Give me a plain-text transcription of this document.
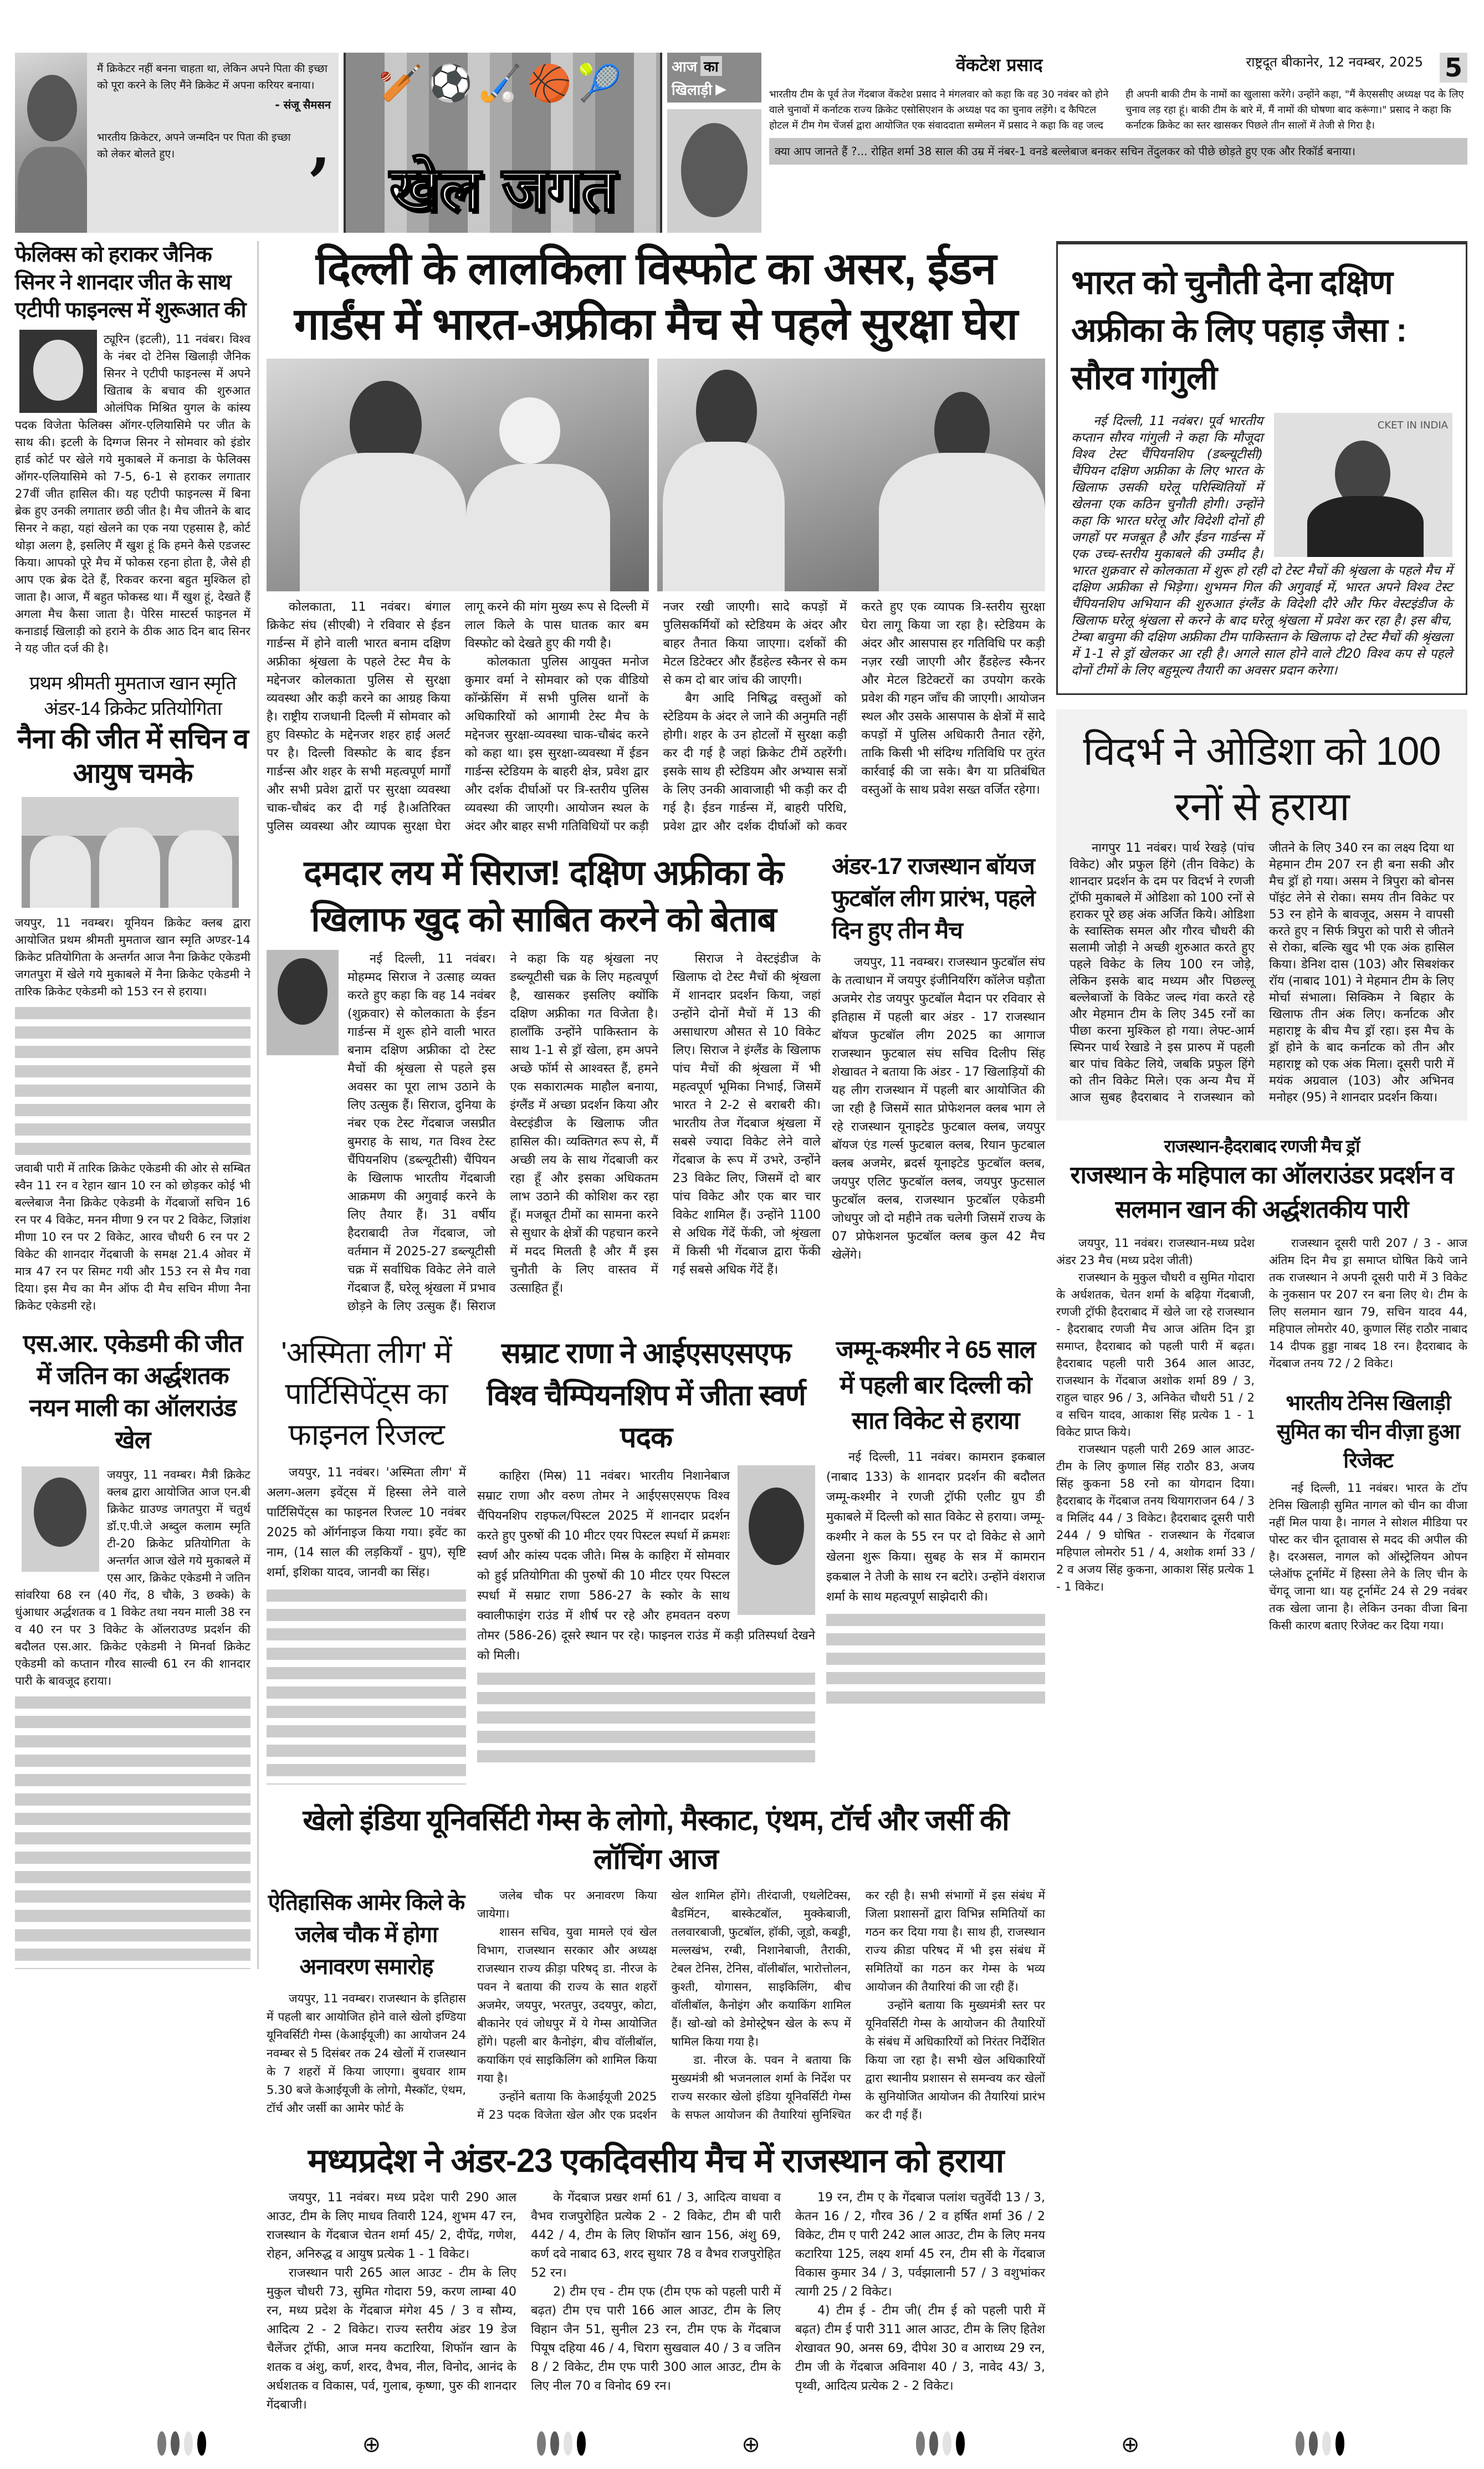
मैं क्रिकेटर नहीं बनना चाहता था, लेकिन अपने पिता की इच्छा को पूरा करने के लिए मैंने क्रिकेट में अपना करियर बनाया।
- संजू सैमसन
भारतीय क्रिकेटर, अपने जन्मदिन पर पिता की इच्छा को लेकर बोलते हुए।	,
🏏⚽🏑🏀🎾
खेल जगत
आज का
खिलाड़ी ▶
वेंकटेश प्रसाद	राष्ट्रदूत बीकानेर, 12 नवम्बर, 2025 5
भारतीय टीम के पूर्व तेज गेंदबाज वेंकटेश प्रसाद ने मंगलवार को कहा कि वह 30 नवंबर को होने वाले चुनावों में कर्नाटक राज्य क्रिकेट एसोसिएशन के अध्यक्ष पद का चुनाव लड़ेंगे। द कैपिटल होटल में टीम गेम चेंजर्स द्वारा आयोजित एक संवाददाता सम्मेलन में प्रसाद ने कहा कि वह जल्द ही अपनी बाकी टीम के नामों का खुलासा करेंगे। उन्होंने कहा, "मैं केएससीए अध्यक्ष पद के लिए चुनाव लड़ रहा हूं। बाकी टीम के बारे में, मैं नामों की घोषणा बाद करूंगा।" प्रसाद ने कहा कि कर्नाटक क्रिकेट का स्तर खासकर पिछले तीन सालों में तेजी से गिरा है।
क्या आप जानते हैं ?... रोहित शर्मा 38 साल की उम्र में नंबर-1 वनडे बल्लेबाज बनकर सचिन तेंदुलकर को पीछे छोड़ते हुए एक और रिकॉर्ड बनाया।
फेलिक्स को हराकर जैनिक सिनर ने शानदार जीत के साथ एटीपी फाइनल्स में शुरूआत की

ट्यूरिन (इटली), 11 नवंबर। विश्व के नंबर दो टेनिस खिलाड़ी जैनिक सिनर ने एटीपी फाइनल्स में अपने खिताब के बचाव की शुरुआत ओलंपिक मिश्रित युगल के कांस्य पदक विजेता फेलिक्स ऑगर-एलियासिमे पर जीत के साथ की। इटली के दिग्गज सिनर ने सोमवार को इंडोर हार्ड कोर्ट पर खेले गये मुकाबले में कनाडा के फेलिक्स ऑगर-एलियासिमे को 7-5, 6-1 से हराकर लगातार 27वीं जीत हासिल की। यह एटीपी फाइनल्स में बिना ब्रेक हुए उनकी लगातार छठी जीत है। मैच जीतने के बाद सिनर ने कहा, यहां खेलने का एक नया एहसास है, कोर्ट थोड़ा अलग है, इसलिए मैं खुश हूं कि हमने कैसे एडजस्ट किया। आपको पूरे मैच में फोकस रहना होता है, जैसे ही आप एक ब्रेक देते हैं, रिकवर करना बहुत मुश्किल हो जाता है। आज, मैं बहुत फोकस्ड था। मैं खुश हूं, देखते हैं अगला मैच कैसा जाता है। पेरिस मास्टर्स फाइनल में कनाडाई खिलाड़ी को हराने के ठीक आठ दिन बाद सिनर ने यह जीत दर्ज की है।

प्रथम श्रीमती मुमताज खान स्मृति अंडर-14 क्रिकेट प्रतियोगिता
नैना की जीत में सचिन व आयुष चमके

जयपुर, 11 नवम्बर। यूनियन क्रिकेट क्लब द्वारा आयोजित प्रथम श्रीमती मुमताज खान स्मृति अण्डर-14 क्रिकेट प्रतियोगिता के अन्तर्गत आज नैना क्रिकेट एकेडमी जगतपुरा में खेले गये मुकाबले में नैना क्रिकेट एकेडमी ने तारिक क्रिकेट एकेडमी को 153 रन से हराया।

जवाबी पारी में तारिक क्रिकेट एकेडमी की ओर से सम्बित स्वैन 11 रन व रेहान खान 10 रन को छोड़कर कोई भी बल्लेबाज नैना क्रिकेट एकेडमी के गेंदबाजों सचिन 16 रन पर 4 विकेट, मनन मीणा 9 रन पर 2 विकेट, जिज्ञांश मीणा 10 रन पर 2 विकेट, आरव चौधरी 6 रन पर 2 विकेट की शानदार गेंदबाजी के समक्ष 21.4 ओवर में मात्र 47 रन पर सिमट गयी और 153 रन से मैच गवा दिया। इस मैच का मैन ऑफ दी मैच सचिन मीणा नैना क्रिकेट एकेडमी रहे।

एस.आर. एकेडमी की जीत में जतिन का अर्द्धशतक नयन माली का ऑलराउंड खेल

जयपुर, 11 नवम्बर। मैत्री क्रिकेट क्लब द्वारा आयोजित आज एन.बी क्रिकेट ग्राउण्ड जगतपुरा में चतुर्थ डॉ.ए.पी.जे अब्दुल कलाम स्मृति टी-20 क्रिकेट प्रतियोगिता के अन्तर्गत आज खेले गये मुकाबले में एस आर, क्रिकेट एकेडमी ने जतिन सांवरिया 68 रन (40 गेंद, 8 चौके, 3 छक्के) के धुंआधार अर्द्धशतक व 1 विकेट तथा नयन माली 38 रन व 40 रन पर 3 विकेट के ऑलराउण्ड प्रदर्शन की बदौलत एस.आर. क्रिकेट एकेडमी ने मिनर्वा क्रिकेट एकेडमी को कप्तान गौरव साल्वी 61 रन की शानदार पारी के बावजूद हराया।

दिल्ली के लालकिला विस्फोट का असर, ईडन गार्डंस में भारत-अफ्रीका मैच से पहले सुरक्षा घेरा

कोलकाता, 11 नवंबर। बंगाल क्रिकेट संघ (सीएबी) ने रविवार से ईडन गार्डन्स में होने वाली भारत बनाम दक्षिण अफ्रीका श्रृंखला के पहले टेस्ट मैच के मद्देनजर कोलकाता पुलिस से सुरक्षा व्यवस्था और कड़ी करने का आग्रह किया है। राष्ट्रीय राजधानी दिल्ली में सोमवार को हुए विस्फोट के मद्देनजर शहर हाई अलर्ट पर है। दिल्ली विस्फोट के बाद ईडन गार्डन्स और शहर के सभी महत्वपूर्ण मार्गों और सभी प्रवेश द्वारों पर सुरक्षा व्यवस्था चाक-चौबंद कर दी गई है।अतिरिक्त पुलिस व्यवस्था और व्यापक सुरक्षा घेरा लागू करने की मांग मुख्य रूप से दिल्ली में लाल किले के पास घातक कार बम विस्फोट को देखते हुए की गयी है।

कोलकाता पुलिस आयुक्त मनोज कुमार वर्मा ने सोमवार को एक वीडियो कॉन्फ्रेंसिंग में सभी पुलिस थानों के अधिकारियों को आगामी टेस्ट मैच के मद्देनजर सुरक्षा-व्यवस्था चाक-चौबंद करने को कहा था। इस सुरक्षा-व्यवस्था में ईडन गार्डन्स स्टेडियम के बाहरी क्षेत्र, प्रवेश द्वार और दर्शक दीर्घाओं पर त्रि-स्तरीय पुलिस व्यवस्था की जाएगी। आयोजन स्थल के अंदर और बाहर सभी गतिविधियों पर कड़ी नजर रखी जाएगी। सादे कपड़ों में पुलिसकर्मियों को स्टेडियम के अंदर और बाहर तैनात किया जाएगा। दर्शकों की मेटल डिटेक्टर और हैंडहेल्ड स्कैनर से कम से कम दो बार जांच की जाएगी।

बैग आदि निषिद्ध वस्तुओं को स्टेडियम के अंदर ले जाने की अनुमति नहीं होगी। शहर के उन होटलों में सुरक्षा कड़ी कर दी गई है जहां क्रिकेट टीमें ठहरेंगी। इसके साथ ही स्टेडियम और अभ्यास सत्रों के लिए उनकी आवाजाही भी कड़ी कर दी गई है। ईडन गार्डन्स में, बाहरी परिधि, प्रवेश द्वार और दर्शक दीर्घाओं को कवर करते हुए एक व्यापक त्रि-स्तरीय सुरक्षा घेरा लागू किया जा रहा है। स्टेडियम के अंदर और आसपास हर गतिविधि पर कड़ी नज़र रखी जाएगी और हैंडहेल्ड स्कैनर और मेटल डिटेक्टरों का उपयोग करके प्रवेश की गहन जाँच की जाएगी। आयोजन स्थल और उसके आसपास के क्षेत्रों में सादे कपड़ों में पुलिस अधिकारी तैनात रहेंगे, ताकि किसी भी संदिग्ध गतिविधि पर तुरंत कार्रवाई की जा सके। बैग या प्रतिबंधित वस्तुओं के साथ प्रवेश सख्त वर्जित रहेगा।

दमदार लय में सिराज! दक्षिण अफ्रीका के खिलाफ खुद को साबित करने को बेताब

नई दिल्ली, 11 नवंबर। मोहम्मद सिराज ने उत्साह व्यक्त करते हुए कहा कि वह 14 नवंबर (शुक्रवार) से कोलकाता के ईडन गार्डन्स में शुरू होने वाली भारत बनाम दक्षिण अफ्रीका दो टेस्ट मैचों की श्रृंखला से पहले इस अवसर का पूरा लाभ उठाने के लिए उत्सुक हैं। सिराज, दुनिया के नंबर एक टेस्ट गेंदबाज जसप्रीत बुमराह के साथ, गत विश्व टेस्ट चैंपियनशिप (डब्ल्यूटीसी) चैंपियन के खिलाफ भारतीय गेंदबाजी आक्रमण की अगुवाई करने के लिए तैयार हैं। 31 वर्षीय हैदराबादी तेज गेंदबाज, जो वर्तमान में 2025-27 डब्ल्यूटीसी चक्र में सर्वाधिक विकेट लेने वाले गेंदबाज हैं, घरेलू श्रृंखला में प्रभाव छोड़ने के लिए उत्सुक हैं। सिराज ने कहा कि यह श्रृंखला नए डब्ल्यूटीसी चक्र के लिए महत्वपूर्ण है, खासकर इसलिए क्योंकि दक्षिण अफ्रीका गत विजेता है। हालाँकि उन्होंने पाकिस्तान के साथ 1-1 से ड्रॉ खेला, हम अपने अच्छे फॉर्म से आश्वस्त हैं, हमने एक सकारात्मक माहौल बनाया, इंग्लैंड में अच्छा प्रदर्शन किया और वेस्टइंडीज के खिलाफ जीत हासिल की। व्यक्तिगत रूप से, मैं अच्छी लय के साथ गेंदबाजी कर रहा हूँ और इसका अधिकतम लाभ उठाने की कोशिश कर रहा हूँ। मजबूत टीमों का सामना करने से सुधार के क्षेत्रों की पहचान करने में मदद मिलती है और मैं इस चुनौती के लिए वास्तव में उत्साहित हूँ।

सिराज ने वेस्टइंडीज के खिलाफ दो टेस्ट मैचों की श्रृंखला में शानदार प्रदर्शन किया, जहां उन्होंने दोनों मैचों में 13 की असाधारण औसत से 10 विकेट लिए। सिराज ने इंग्लैंड के खिलाफ पांच मैचों की श्रृंखला में भी महत्वपूर्ण भूमिका निभाई, जिसमें भारत ने 2-2 से बराबरी की। भारतीय तेज गेंदबाज श्रृंखला में सबसे ज्यादा विकेट लेने वाले गेंदबाज के रूप में उभरे, उन्होंने 23 विकेट लिए, जिसमें दो बार पांच विकेट और एक बार चार विकेट शामिल हैं। उन्होंने 1100 से अधिक गेंदें फेंकी, जो श्रृंखला में किसी भी गेंदबाज द्वारा फेंकी गई सबसे अधिक गेंदें हैं।

अंडर-17 राजस्थान बॉयज फुटबॉल लीग प्रारंभ, पहले दिन हुए तीन मैच

जयपुर, 11 नवम्बर। राजस्थान फुटबॉल संघ के तत्वाधान में जयपुर इंजीनियरिंग कॉलेज घड़ौता अजमेर रोड जयपुर फुटबॉल मैदान पर रविवार से इतिहास में पहली बार अंडर - 17 राजस्थान बॉयज फुटबॉल लीग 2025 का आगाज राजस्थान फुटबाल संघ सचिव दिलीप सिंह शेखावत ने बताया कि अंडर - 17 खिलाड़ियों की यह लीग राजस्थान में पहली बार आयोजित की जा रही है जिसमें सात प्रोफेशनल क्लब भाग ले रहे राजस्थान यूनाइटेड फुटबाल क्लब, जयपुर बॉयज एंड गर्ल्स फुटबाल क्लब, रियान फुटबाल क्लब अजमेर, ब्रदर्स यूनाइटेड फुटबॉल क्लब, जयपुर एलिट फुटबॉल क्लब, जयपुर फुटसाल फुटबॉल क्लब, राजस्थान फुटबॉल एकेडमी जोधपुर जो दो महीने तक चलेगी जिसमें राज्य के 07 प्रोफेशनल फुटबॉल क्लब कुल 42 मैच खेलेंगे।

'अस्मिता लीग' में पार्टिसिपेंट्स का फाइनल रिजल्ट

जयपुर, 11 नवंबर। 'अस्मिता लीग' में अलग-अलग इवेंट्स में हिस्सा लेने वाले पार्टिसिपेंट्स का फाइनल रिजल्ट 10 नवंबर 2025 को ऑर्गनाइज किया गया। इवेंट का नाम, (14 साल की लड़कियाँ - ग्रुप), सृष्टि शर्मा, इशिका यादव, जानवी का सिंह।

सम्राट राणा ने आईएसएसएफ विश्व चैम्पियनशिप में जीता स्वर्ण पदक

काहिरा (मिस्र) 11 नवंबर। भारतीय निशानेबाज सम्राट राणा और वरुण तोमर ने आईएसएसएफ विश्व चैंपियनशिप राइफल/पिस्टल 2025 में शानदार प्रदर्शन करते हुए पुरुषों की 10 मीटर एयर पिस्टल स्पर्धा में क्रमशः स्वर्ण और कांस्य पदक जीते। मिस्र के काहिरा में सोमवार को हुई प्रतियोगिता की पुरुषों की 10 मीटर एयर पिस्टल स्पर्धा में सम्राट राणा 586-27 के स्कोर के साथ क्वालीफाइंग राउंड में शीर्ष पर रहे और हमवतन वरुण तोमर (586-26) दूसरे स्थान पर रहे। फाइनल राउंड में कड़ी प्रतिस्पर्धा देखने को मिली।

जम्मू-कश्मीर ने 65 साल में पहली बार दिल्ली को सात विकेट से हराया

नई दिल्ली, 11 नवंबर। कामरान इकबाल (नाबाद 133) के शानदार प्रदर्शन की बदौलत जम्मू-कश्मीर ने रणजी ट्रॉफी एलीट ग्रुप डी मुकाबले में दिल्ली को सात विकेट से हराया। जम्मू-कश्मीर ने कल के 55 रन पर दो विकेट से आगे खेलना शुरू किया। सुबह के सत्र में कामरान इकबाल ने तेजी के साथ रन बटोरे। उन्होंने वंशराज शर्मा के साथ महत्वपूर्ण साझेदारी की।

खेलो इंडिया यूनिवर्सिटी गेम्स के लोगो, मैस्काट, एंथम, टॉर्च और जर्सी की लॉचिंग आज
ऐतिहासिक आमेर किले के जलेब चौक में होगा अनावरण समारोह

जयपुर, 11 नवम्बर। राजस्थान के इतिहास में पहली बार आयोजित होने वाले खेलो इण्डिया यूनिवर्सिटी गेम्स (केआईयूजी) का आयोजन 24 नवम्बर से 5 दिसंबर तक 24 खेलों में राजस्थान के 7 शहरों में किया जाएगा। बुधवार शाम 5.30 बजे केआईयूजी के लोगो, मैस्कॉट, एंथम, टॉर्च और जर्सी का आमेर फोर्ट के

जलेब चौक पर अनावरण किया जायेगा।

शासन सचिव, युवा मामले एवं खेल विभाग, राजस्थान सरकार और अध्यक्ष राजस्थान राज्य क्रीड़ा परिषद् डा. नीरज के पवन ने बताया की राज्य के सात शहरों अजमेर, जयपुर, भरतपुर, उदयपुर, कोटा, बीकानेर एवं जोधपुर में ये गेम्स आयोजित होंगे। पहली बार कैनोइंग, बीच वॉलीबॉल, कयाकिंग एवं साइकिलिंग को शामिल किया गया है।

उन्होंने बताया कि केआईयूजी 2025 में 23 पदक विजेता खेल और एक प्रदर्शन खेल शामिल होंगे। तीरंदाजी, एथलेटिक्स, बैडमिंटन, बास्केटबॉल, मुक्केबाजी, तलवारबाजी, फुटबॉल, हॉकी, जूडो, कबड्डी, मल्लखंभ, रग्बी, निशानेबाजी, तैराकी, टेबल टेनिस, टेनिस, वॉलीबॉल, भारोत्तोलन, कुश्ती, योगासन, साइकिलिंग, बीच वॉलीबॉल, कैनोइंग और कयाकिंग शामिल हैं। खो-खो को डेमोस्ट्रेषन खेल के रूप में षामिल किया गया है।

डा. नीरज के. पवन ने बताया कि मुख्यमंत्री श्री भजनलाल शर्मा के निर्देश पर राज्य सरकार खेलो इंडिया यूनिवर्सिटी गेम्स के सफल आयोजन की तैयारियां सुनिश्चित कर रही है। सभी संभागों में इस संबंध में जिला प्रशासनों द्वारा विभिन्न समितियों का गठन कर दिया गया है। साथ ही, राजस्थान राज्य क्रीडा परिषद में भी इस संबंध में समितियों का गठन कर गेम्स के भव्य आयोजन की तैयारियां की जा रही हैं।

उन्होंने बताया कि मुख्यमंत्री स्तर पर यूनिवर्सिटी गेम्स के आयोजन की तैयारियों के संबंध में अधिकारियों को निरंतर निर्देशित किया जा रहा है। सभी खेल अधिकारियों द्वारा स्थानीय प्रशासन से समन्वय कर खेलों के सुनियोजित आयोजन की तैयारियां प्रारंभ कर दी गई हैं।

मध्यप्रदेश ने अंडर-23 एकदिवसीय मैच में राजस्थान को हराया

जयपुर, 11 नवंबर। मध्य प्रदेश पारी 290 आल आउट, टीम के लिए माधव तिवारी 124, शुभम 47 रन, राजस्थान के गेंदबाज चेतन शर्मा 45/ 2, दीपेंद्र, गणेश, रोहन, अनिरुद्ध व आयुष प्रत्येक 1 - 1 विकेट।

राजस्थान पारी 265 आल आउट - टीम के लिए मुकुल चौधरी 73, सुमित गोदारा 59, करण लाम्बा 40 रन, मध्य प्रदेश के गेंदबाज मंगेश 45 / 3 व सौम्य, आदित्य 2 - 2 विकेट। राज्य स्तरीय अंडर 19 डेज चैलेंजर ट्रॉफी, आज मनय कटारिया, शिफॉन खान के शतक व अंशु, कर्ण, शरद, वैभव, नील, विनोद, आनंद के अर्धशतक व विकास, पर्व, गुलाब, कृष्णा, पुरु की शानदार गेंदबाजी।

के गेंदबाज प्रखर शर्मा 61 / 3, आदित्य वाधवा व वैभव राजपुरोहित प्रत्येक 2 - 2 विकेट, टीम बी पारी 442 / 4, टीम के लिए शिफॉन खान 156, अंशु 69, कर्ण दवे नाबाद 63, शरद सुथार 78 व वैभव राजपुरोहित 52 रन।

2) टीम एच - टीम एफ (टीम एफ को पहली पारी में बढ़त) टीम एच पारी 166 आल आउट, टीम के लिए विहान जैन 51, सुनील 23 रन, टीम एफ के गेंदबाज पियूष दहिया 46 / 4, चिराग सुखवाल 40 / 3 व जतिन 8 / 2 विकेट, टीम एफ पारी 300 आल आउट, टीम के लिए नील 70 व विनोद 69 रन।

19 रन, टीम ए के गेंदबाज पलांश चतुर्वेदी 13 / 3, केतन 16 / 2, गौरव 36 / 2 व हर्षित शर्मा 36 / 2 विकेट, टीम ए पारी 242 आल आउट, टीम के लिए मनय कटारिया 125, लक्ष्य शर्मा 45 रन, टीम सी के गेंदबाज विकास कुमार 34 / 3, पर्वझालानी 57 / 3 वशुभांकर त्यागी 25 / 2 विकेट।

4) टीम ई - टीम जी( टीम ई को पहली पारी में बढ़त) टीम ई पारी 311 आल आउट, टीम के लिए हितेश शेखावत 90, अनस 69, दीपेश 30 व आराध्य 29 रन, टीम जी के गेंदबाज अविनाश 40 / 3, नावेद 43/ 3, पृथ्वी, आदित्य प्रत्येक 2 - 2 विकेट।

भारत को चुनौती देना दक्षिण अफ्रीका के लिए पहाड़ जैसा : सौरव गांगुली
CKET IN INDIA

नई दिल्ली, 11 नवंबर। पूर्व भारतीय कप्तान सौरव गांगुली ने कहा कि मौजूदा विश्व टेस्ट चैंपियनशिप (डब्ल्यूटीसी) चैंपियन दक्षिण अफ्रीका के लिए भारत के खिलाफ उसकी घरेलू परिस्थितियों में खेलना एक कठिन चुनौती होगी। उन्होंने कहा कि भारत घरेलू और विदेशी दोनों ही जगहों पर मजबूत है और ईडन गार्डन्स में एक उच्च-स्तरीय मुकाबले की उम्मीद है। भारत शुक्रवार से कोलकाता में शुरू हो रही दो टेस्ट मैचों की श्रृंखला के पहले मैच में दक्षिण अफ्रीका से भिड़ेगा। शुभमन गिल की अगुवाई में, भारत अपने विश्व टेस्ट चैंपियनशिप अभियान की शुरुआत इंग्लैंड के विदेशी दौरे और फिर वेस्टइंडीज के खिलाफ घरेलू श्रृंखला से करने के बाद घरेलू श्रृंखला में प्रवेश कर रहा है। इस बीच, टेम्बा बावुमा की दक्षिण अफ्रीका टीम पाकिस्तान के खिलाफ दो टेस्ट मैचों की श्रृंखला में 1-1 से ड्रॉ खेलकर आ रही है। अगले साल होने वाले टी20 विश्व कप से पहले दोनों टीमों के लिए बहुमूल्य तैयारी का अवसर प्रदान करेगा।

विदर्भ ने ओडिशा को 100 रनों से हराया

नागपुर 11 नवंबर। पार्थ रेखड़े (पांच विकेट) और प्रफुल हिंगे (तीन विकेट) के शानदार प्रदर्शन के दम पर विदर्भ ने रणजी ट्रॉफी मुकाबले में ओडिशा को 100 रनों से हराकर पूरे छह अंक अर्जित किये। ओडिशा के स्वास्तिक समल और गौरव चौधरी की सलामी जोड़ी ने अच्छी शुरुआत करते हुए पहले विकेट के लिय 100 रन जोड़े, लेकिन इसके बाद मध्यम और पिछल्लू बल्लेबाजों के विकेट जल्द गंवा करते रहे और मेहमान टीम के लिए 345 रनों का पीछा करना मुश्किल हो गया। लेफ्ट-आर्म स्पिनर पार्थ रेखाडे ने इस प्रारुप में पहली बार पांच विकेट लिये, जबकि प्रफुल हिंगे को तीन विकेट मिले। एक अन्य मैच में आज सुबह हैदराबाद ने राजस्थान को जीतने के लिए 340 रन का लक्ष्य दिया था मेहमान टीम 207 रन ही बना सकी और मैच ड्रॉ हो गया। असम ने त्रिपुरा को बोनस पॉइंट लेने से रोका। समय तीन विकेट पर 53 रन होने के बावजूद, असम ने वापसी करते हुए न सिर्फ त्रिपुरा को पारी से जीतने से रोका, बल्कि खुद भी एक अंक हासिल किया। डेनिश दास (103) और सिबशंकर रॉय (नाबाद 101) ने मेहमान टीम के लिए मोर्चा संभाला। सिक्किम ने बिहार के खिलाफ तीन अंक लिए। कर्नाटक और महाराष्ट्र के बीच मैच ड्रॉ रहा। इस मैच के ड्रॉ होने के बाद कर्नाटक को तीन और महाराष्ट्र को एक अंक मिला। दूसरी पारी में मयंक अग्रवाल (103) और अभिनव मनोहर (95) ने शानदार प्रदर्शन किया।

राजस्थान-हैदराबाद रणजी मैच ड्रॉ
राजस्थान के महिपाल का ऑलराउंडर प्रदर्शन व सलमान खान की अर्द्धशतकीय पारी

जयपुर, 11 नवंबर। राजस्थान-मध्य प्रदेश अंडर 23 मैच (मध्य प्रदेश जीती)

राजस्थान के मुकुल चौधरी व सुमित गोदारा के अर्धशतक, चेतन शर्मा के बढ़िया गेंदबाजी, रणजी ट्रॉफी हैदराबाद में खेले जा रहे राजस्थान - हैदराबाद रणजी मैच आज अंतिम दिन ड्रा समाप्त, हैदराबाद को पहली पारी में बढ़त। हैदराबाद पहली पारी 364 आल आउट, राजस्थान के गेंदबाज अशोक शर्मा 89 / 3, राहुल चाहर 96 / 3, अनिकेत चौधरी 51 / 2 व सचिन यादव, आकाश सिंह प्रत्येक 1 - 1 विकेट प्राप्त किये।

राजस्थान पहली पारी 269 आल आउट- टीम के लिए कुणाल सिंह राठौर 83, अजय सिंह कुकना 58 रनो का योगदान दिया। हैदराबाद के गेंदबाज तनय थियागराजन 64 / 3 व मिलिंद 44 / 3 विकेट। हैदराबाद दूसरी पारी 244 / 9 घोषित - राजस्थान के गेंदबाज महिपाल लोमरोर 51 / 4, अशोक शर्मा 33 / 2 व अजय सिंह कुकना, आकाश सिंह प्रत्येक 1 - 1 विकेट।

राजस्थान दूसरी पारी 207 / 3 - आज अंतिम दिन मैच ड्रा समाप्त घोषित किये जाने तक राजस्थान ने अपनी दूसरी पारी में 3 विकेट के नुकसान पर 207 रन बना लिए थे। टीम के लिए सलमान खान 79, सचिन यादव 44, महिपाल लोमरोर 40, कुणाल सिंह राठौर नाबाद 14 दीपक हुड्डा नाबद 18 रन। हैदराबाद के गेंदबाज तनय 72 / 2 विकेट।

भारतीय टेनिस खिलाड़ी सुमित का चीन वीज़ा हुआ रिजेक्ट

नई दिल्ली, 11 नवंबर। भारत के टॉप टेनिस खिलाड़ी सुमित नागल को चीन का वीजा नहीं मिल पाया है। नागल ने सोशल मीडिया पर पोस्ट कर चीन दूतावास से मदद की अपील की है। दरअसल, नागल को ऑस्ट्रेलियन ओपन प्लेऑफ टूर्नामेंट में हिस्सा लेने के लिए चीन के चेंगदू जाना था। यह टूर्नामेंट 24 से 29 नवंबर तक खेला जाना है। लेकिन उनका वीजा बिना किसी कारण बताए रिजेक्ट कर दिया गया।

⊕	⊕	⊕
